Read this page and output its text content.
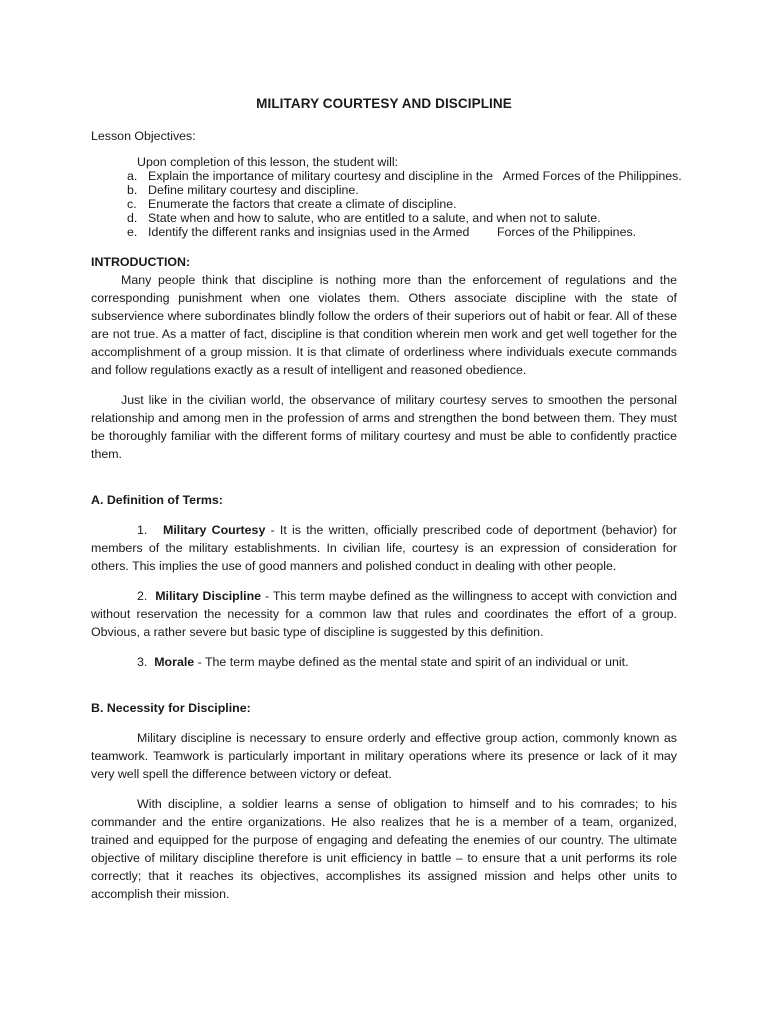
MILITARY COURTESY AND DISCIPLINE
Lesson Objectives:
Upon completion of this lesson, the student will:
a. Explain the importance of military courtesy and discipline in the   Armed Forces of the Philippines.
b. Define military courtesy and discipline.
c. Enumerate the factors that create a climate of discipline.
d. State when and how to salute, who are entitled to a salute, and when not to salute.
e. Identify the different ranks and insignias used in the Armed        Forces of the Philippines.
INTRODUCTION:

Many people think that discipline is nothing more than the enforcement of regulations and the corresponding punishment when one violates them. Others associate discipline with the state of subservience where subordinates blindly follow the orders of their superiors out of habit or fear. All of these are not true. As a matter of fact, discipline is that condition wherein men work and get well together for the accomplishment of a group mission. It is that climate of orderliness where individuals execute commands and follow regulations exactly as a result of intelligent and reasoned obedience.

Just like in the civilian world, the observance of military courtesy serves to smoothen the personal relationship and among men in the profession of arms and strengthen the bond between them. They must be thoroughly familiar with the different forms of military courtesy and must be able to confidently practice them.

A. Definition of Terms:

1. Military Courtesy - It is the written, officially prescribed code of deportment (behavior) for members of the military establishments. In civilian life, courtesy is an expression of consideration for others. This implies the use of good manners and polished conduct in dealing with other people.

2. Military Discipline - This term maybe defined as the willingness to accept with conviction and without reservation the necessity for a common law that rules and coordinates the effort of a group. Obvious, a rather severe but basic type of discipline is suggested by this definition.

3. Morale - The term maybe defined as the mental state and spirit of an individual or unit.

B. Necessity for Discipline:

Military discipline is necessary to ensure orderly and effective group action, commonly known as teamwork. Teamwork is particularly important in military operations where its presence or lack of it may very well spell the difference between victory or defeat.

With discipline, a soldier learns a sense of obligation to himself and to his comrades; to his commander and the entire organizations. He also realizes that he is a member of a team, organized, trained and equipped for the purpose of engaging and defeating the enemies of our country. The ultimate objective of military discipline therefore is unit efficiency in battle – to ensure that a unit performs its role correctly; that it reaches its objectives, accomplishes its assigned mission and helps other units to accomplish their mission.
